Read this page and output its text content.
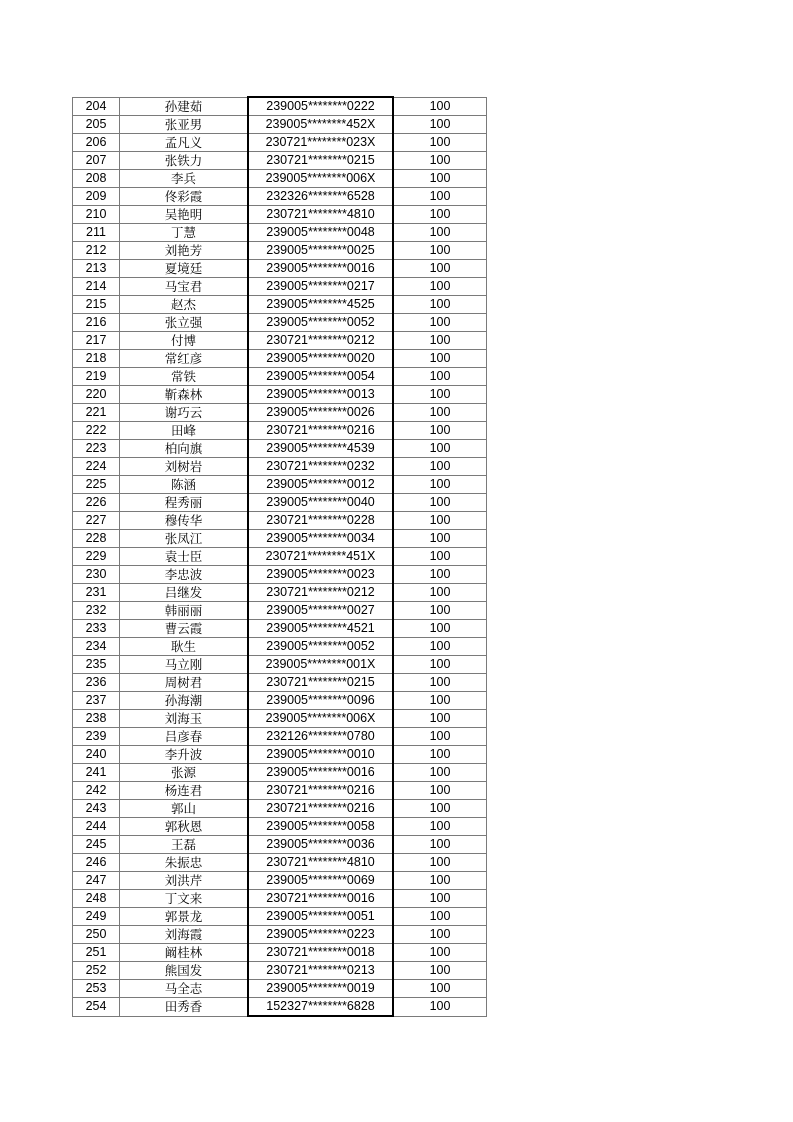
204	孙建茹	239005********0222	100
205	张亚男	239005********452X	100
206	孟凡义	230721********023X	100
207	张铁力	230721********0215	100
208	李兵	239005********006X	100
209	佟彩霞	232326********6528	100
210	吴艳明	230721********4810	100
211	丁慧	239005********0048	100
212	刘艳芳	239005********0025	100
213	夏境廷	239005********0016	100
214	马宝君	239005********0217	100
215	赵杰	239005********4525	100
216	张立强	239005********0052	100
217	付博	230721********0212	100
218	常红彦	239005********0020	100
219	常铁	239005********0054	100
220	靳森林	239005********0013	100
221	谢巧云	239005********0026	100
222	田峰	230721********0216	100
223	柏向旗	239005********4539	100
224	刘树岩	230721********0232	100
225	陈涵	239005********0012	100
226	程秀丽	239005********0040	100
227	穆传华	230721********0228	100
228	张凤江	239005********0034	100
229	袁士臣	230721********451X	100
230	李忠波	239005********0023	100
231	吕继发	230721********0212	100
232	韩丽丽	239005********0027	100
233	曹云霞	239005********4521	100
234	耿生	239005********0052	100
235	马立刚	239005********001X	100
236	周树君	230721********0215	100
237	孙海潮	239005********0096	100
238	刘海玉	239005********006X	100
239	吕彦春	232126********0780	100
240	李升波	239005********0010	100
241	张源	239005********0016	100
242	杨连君	230721********0216	100
243	郭山	230721********0216	100
244	郭秋恩	239005********0058	100
245	王磊	239005********0036	100
246	朱振忠	230721********4810	100
247	刘洪芹	239005********0069	100
248	丁文来	230721********0016	100
249	郭景龙	239005********0051	100
250	刘海霞	239005********0223	100
251	阚桂林	230721********0018	100
252	熊国发	230721********0213	100
253	马全志	239005********0019	100
254	田秀香	152327********6828	100
